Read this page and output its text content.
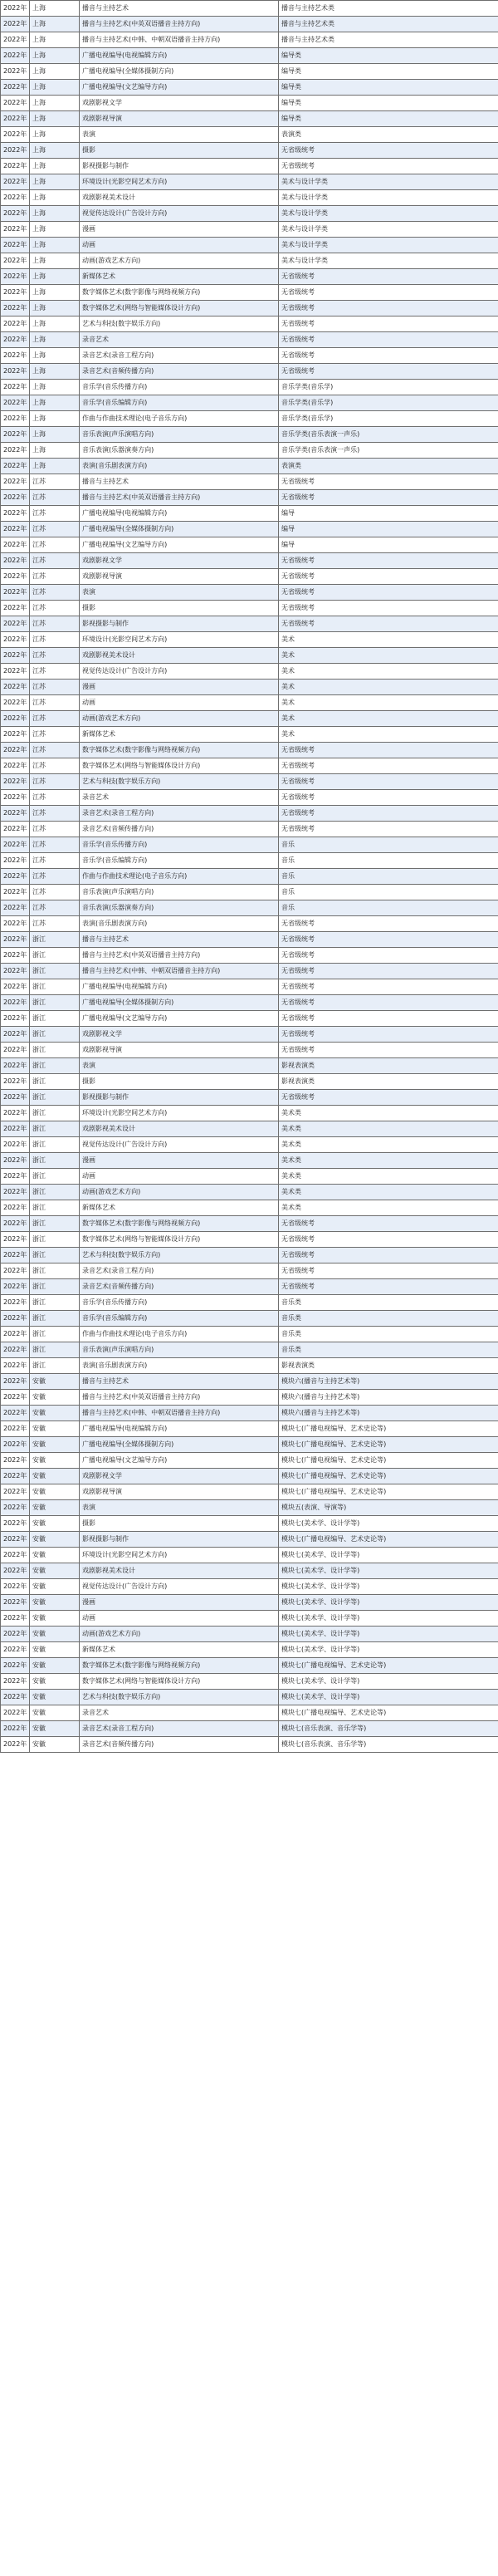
2022年	上海	播音与主持艺术	播音与主持艺术类
2022年	上海	播音与主持艺术(中英双语播音主持方向)	播音与主持艺术类
2022年	上海	播音与主持艺术(中韩、中朝双语播音主持方向)	播音与主持艺术类
2022年	上海	广播电视编导(电视编辑方向)	编导类
2022年	上海	广播电视编导(全媒体摄制方向)	编导类
2022年	上海	广播电视编导(文艺编导方向)	编导类
2022年	上海	戏剧影视文学	编导类
2022年	上海	戏剧影视导演	编导类
2022年	上海	表演	表演类
2022年	上海	摄影	无省级统考
2022年	上海	影视摄影与制作	无省级统考
2022年	上海	环境设计(光影空间艺术方向)	美术与设计学类
2022年	上海	戏剧影视美术设计	美术与设计学类
2022年	上海	视觉传达设计(广告设计方向)	美术与设计学类
2022年	上海	漫画	美术与设计学类
2022年	上海	动画	美术与设计学类
2022年	上海	动画(游戏艺术方向)	美术与设计学类
2022年	上海	新媒体艺术	无省级统考
2022年	上海	数字媒体艺术(数字影像与网络视频方向)	无省级统考
2022年	上海	数字媒体艺术(网络与智能媒体设计方向)	无省级统考
2022年	上海	艺术与科技(数字娱乐方向)	无省级统考
2022年	上海	录音艺术	无省级统考
2022年	上海	录音艺术(录音工程方向)	无省级统考
2022年	上海	录音艺术(音频传播方向)	无省级统考
2022年	上海	音乐学(音乐传播方向)	音乐学类(音乐学)
2022年	上海	音乐学(音乐编辑方向)	音乐学类(音乐学)
2022年	上海	作曲与作曲技术理论(电子音乐方向)	音乐学类(音乐学)
2022年	上海	音乐表演(声乐演唱方向)	音乐学类(音乐表演一声乐)
2022年	上海	音乐表演(乐器演奏方向)	音乐学类(音乐表演一声乐)
2022年	上海	表演(音乐剧表演方向)	表演类
2022年	江苏	播音与主持艺术	无省级统考
2022年	江苏	播音与主持艺术(中英双语播音主持方向)	无省级统考
2022年	江苏	广播电视编导(电视编辑方向)	编导
2022年	江苏	广播电视编导(全媒体摄制方向)	编导
2022年	江苏	广播电视编导(文艺编导方向)	编导
2022年	江苏	戏剧影视文学	无省级统考
2022年	江苏	戏剧影视导演	无省级统考
2022年	江苏	表演	无省级统考
2022年	江苏	摄影	无省级统考
2022年	江苏	影视摄影与制作	无省级统考
2022年	江苏	环境设计(光影空间艺术方向)	美术
2022年	江苏	戏剧影视美术设计	美术
2022年	江苏	视觉传达设计(广告设计方向)	美术
2022年	江苏	漫画	美术
2022年	江苏	动画	美术
2022年	江苏	动画(游戏艺术方向)	美术
2022年	江苏	新媒体艺术	美术
2022年	江苏	数字媒体艺术(数字影像与网络视频方向)	无省级统考
2022年	江苏	数字媒体艺术(网络与智能媒体设计方向)	无省级统考
2022年	江苏	艺术与科技(数字娱乐方向)	无省级统考
2022年	江苏	录音艺术	无省级统考
2022年	江苏	录音艺术(录音工程方向)	无省级统考
2022年	江苏	录音艺术(音频传播方向)	无省级统考
2022年	江苏	音乐学(音乐传播方向)	音乐
2022年	江苏	音乐学(音乐编辑方向)	音乐
2022年	江苏	作曲与作曲技术理论(电子音乐方向)	音乐
2022年	江苏	音乐表演(声乐演唱方向)	音乐
2022年	江苏	音乐表演(乐器演奏方向)	音乐
2022年	江苏	表演(音乐剧表演方向)	无省级统考
2022年	浙江	播音与主持艺术	无省级统考
2022年	浙江	播音与主持艺术(中英双语播音主持方向)	无省级统考
2022年	浙江	播音与主持艺术(中韩、中朝双语播音主持方向)	无省级统考
2022年	浙江	广播电视编导(电视编辑方向)	无省级统考
2022年	浙江	广播电视编导(全媒体摄制方向)	无省级统考
2022年	浙江	广播电视编导(文艺编导方向)	无省级统考
2022年	浙江	戏剧影视文学	无省级统考
2022年	浙江	戏剧影视导演	无省级统考
2022年	浙江	表演	影视表演类
2022年	浙江	摄影	影视表演类
2022年	浙江	影视摄影与制作	无省级统考
2022年	浙江	环境设计(光影空间艺术方向)	美术类
2022年	浙江	戏剧影视美术设计	美术类
2022年	浙江	视觉传达设计(广告设计方向)	美术类
2022年	浙江	漫画	美术类
2022年	浙江	动画	美术类
2022年	浙江	动画(游戏艺术方向)	美术类
2022年	浙江	新媒体艺术	美术类
2022年	浙江	数字媒体艺术(数字影像与网络视频方向)	无省级统考
2022年	浙江	数字媒体艺术(网络与智能媒体设计方向)	无省级统考
2022年	浙江	艺术与科技(数字娱乐方向)	无省级统考
2022年	浙江	录音艺术(录音工程方向)	无省级统考
2022年	浙江	录音艺术(音频传播方向)	无省级统考
2022年	浙江	音乐学(音乐传播方向)	音乐类
2022年	浙江	音乐学(音乐编辑方向)	音乐类
2022年	浙江	作曲与作曲技术理论(电子音乐方向)	音乐类
2022年	浙江	音乐表演(声乐演唱方向)	音乐类
2022年	浙江	表演(音乐剧表演方向)	影视表演类
2022年	安徽	播音与主持艺术	模块六(播音与主持艺术等)
2022年	安徽	播音与主持艺术(中英双语播音主持方向)	模块六(播音与主持艺术等)
2022年	安徽	播音与主持艺术(中韩、中朝双语播音主持方向)	模块六(播音与主持艺术等)
2022年	安徽	广播电视编导(电视编辑方向)	模块七(广播电视编导、艺术史论等)
2022年	安徽	广播电视编导(全媒体摄制方向)	模块七(广播电视编导、艺术史论等)
2022年	安徽	广播电视编导(文艺编导方向)	模块七(广播电视编导、艺术史论等)
2022年	安徽	戏剧影视文学	模块七(广播电视编导、艺术史论等)
2022年	安徽	戏剧影视导演	模块七(广播电视编导、艺术史论等)
2022年	安徽	表演	模块五(表演、导演等)
2022年	安徽	摄影	模块七(美术学、设计学等)
2022年	安徽	影视摄影与制作	模块七(广播电视编导、艺术史论等)
2022年	安徽	环境设计(光影空间艺术方向)	模块七(美术学、设计学等)
2022年	安徽	戏剧影视美术设计	模块七(美术学、设计学等)
2022年	安徽	视觉传达设计(广告设计方向)	模块七(美术学、设计学等)
2022年	安徽	漫画	模块七(美术学、设计学等)
2022年	安徽	动画	模块七(美术学、设计学等)
2022年	安徽	动画(游戏艺术方向)	模块七(美术学、设计学等)
2022年	安徽	新媒体艺术	模块七(美术学、设计学等)
2022年	安徽	数字媒体艺术(数字影像与网络视频方向)	模块七(广播电视编导、艺术史论等)
2022年	安徽	数字媒体艺术(网络与智能媒体设计方向)	模块七(美术学、设计学等)
2022年	安徽	艺术与科技(数字娱乐方向)	模块七(美术学、设计学等)
2022年	安徽	录音艺术	模块七(广播电视编导、艺术史论等)
2022年	安徽	录音艺术(录音工程方向)	模块七(音乐表演、音乐学等)
2022年	安徽	录音艺术(音频传播方向)	模块七(音乐表演、音乐学等)
